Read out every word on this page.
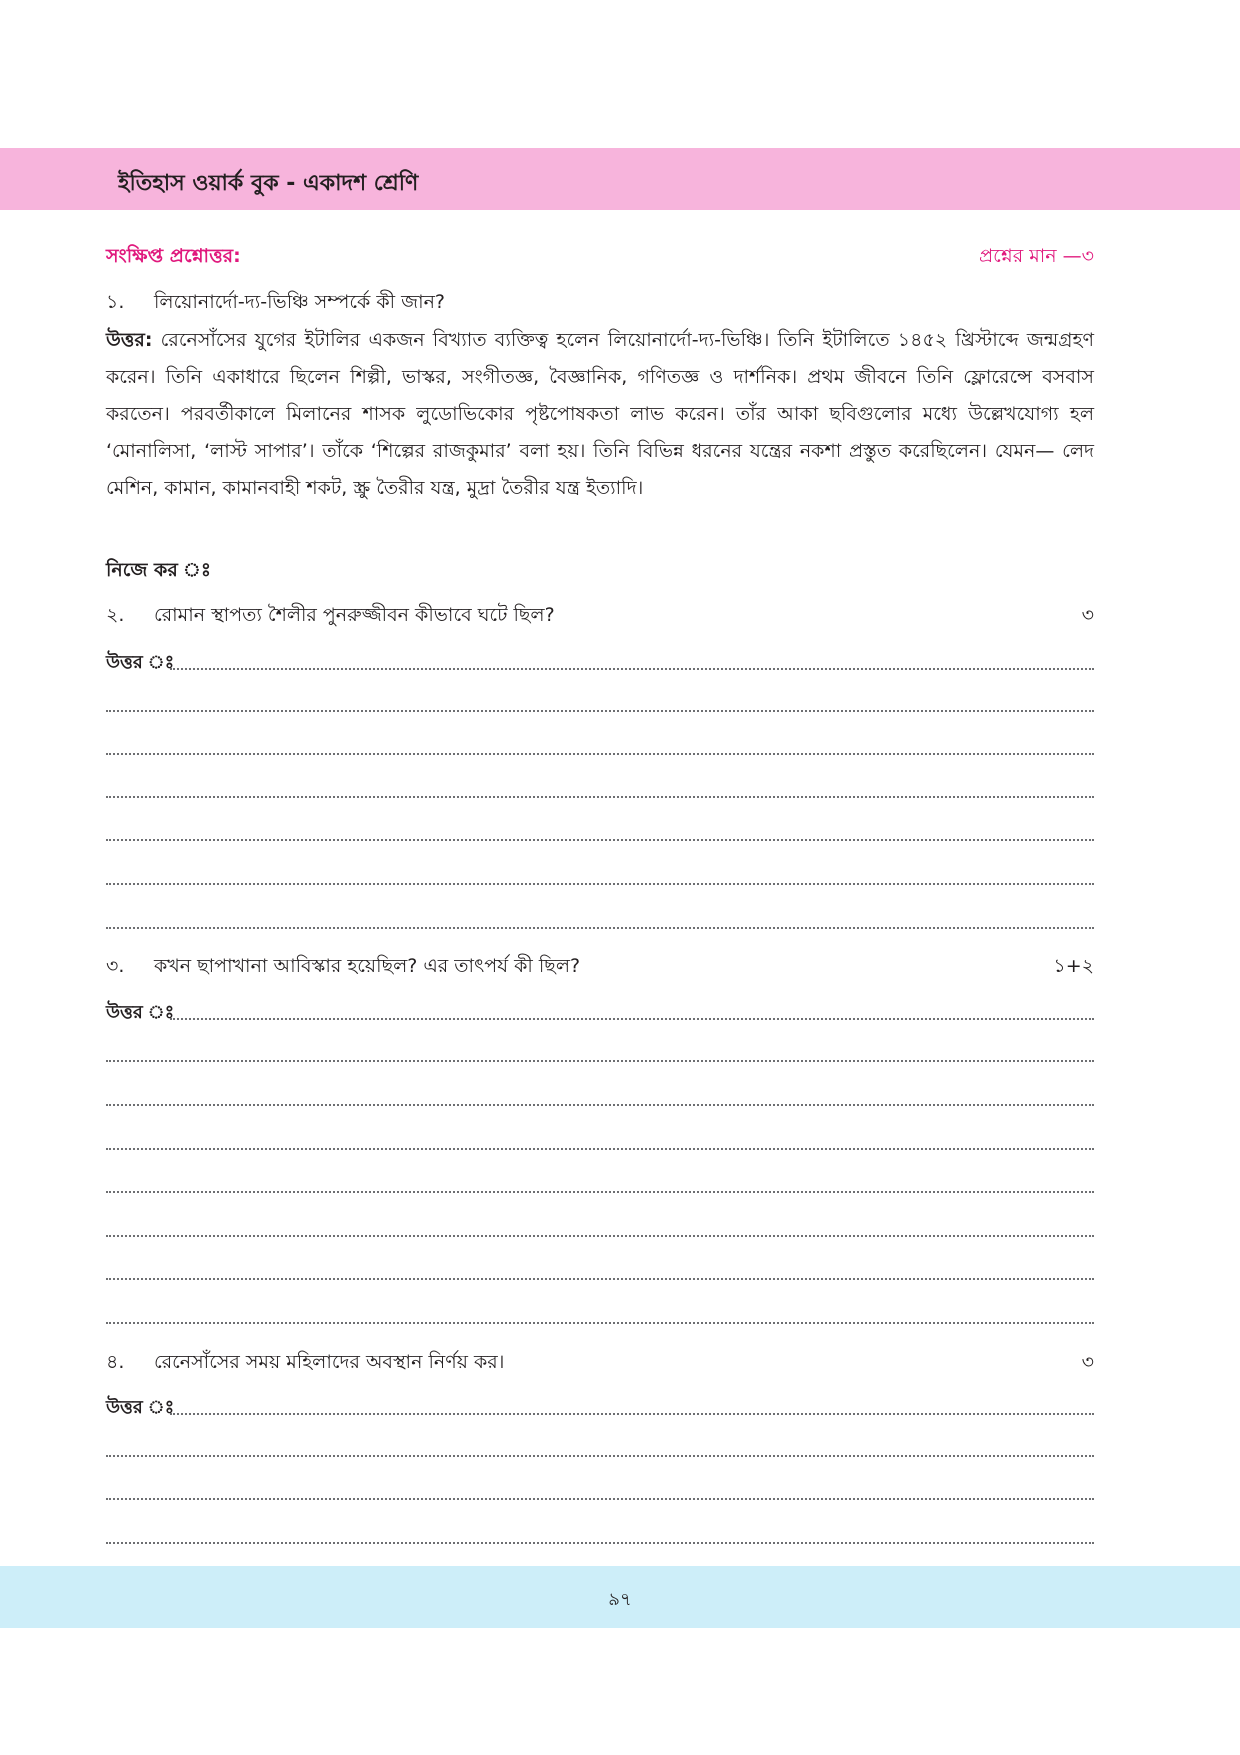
ইতিহাস ওয়ার্ক বুক - একাদশ শ্রেণি
সংক্ষিপ্ত প্রশ্নোত্তর:	প্রশ্নের মান —৩
১.	লিয়োনার্দো-দ্য-ভিঞ্চি সম্পর্কে কী জান?
উত্তর: রেনেসাঁসের যুগের ইটালির একজন বিখ্যাত ব্যক্তিত্ব হলেন লিয়োনার্দো-দ্য-ভিঞ্চি। তিনি ইটালিতে ১৪৫২ খ্রিস্টাব্দে জন্মগ্রহণ করেন। তিনি একাধারে ছিলেন শিল্পী, ভাস্কর, সংগীতজ্ঞ, বৈজ্ঞানিক, গণিতজ্ঞ ও দার্শনিক। প্রথম জীবনে তিনি ফ্লোরেন্সে বসবাস করতেন। পরবর্তীকালে মিলানের শাসক লুডোভিকোর পৃষ্টপোষকতা লাভ করেন। তাঁর আকা ছবিগুলোর মধ্যে উল্লেখযোগ্য হল ‘মোনালিসা, ‘লাস্ট সাপার’। তাঁকে ‘শিল্পের রাজকুমার’ বলা হয়। তিনি বিভিন্ন ধরনের যন্ত্রের নকশা প্রস্তুত করেছিলেন। যেমন— লেদ মেশিন, কামান, কামানবাহী শকট, স্ক্রু তৈরীর যন্ত্র, মুদ্রা তৈরীর যন্ত্র ইত্যাদি।
নিজে কর ঃ
২.	রোমান স্থাপত্য শৈলীর পুনরুজ্জীবন কীভাবে ঘটে ছিল?	৩
উত্তর ঃ
৩.	কখন ছাপাখানা আবিস্কার হয়েছিল? এর তাৎপর্য কী ছিল?	১+২
উত্তর ঃ
৪.	রেনেসাঁসের সময় মহিলাদের অবস্থান নির্ণয় কর।	৩
উত্তর ঃ
৯৭
